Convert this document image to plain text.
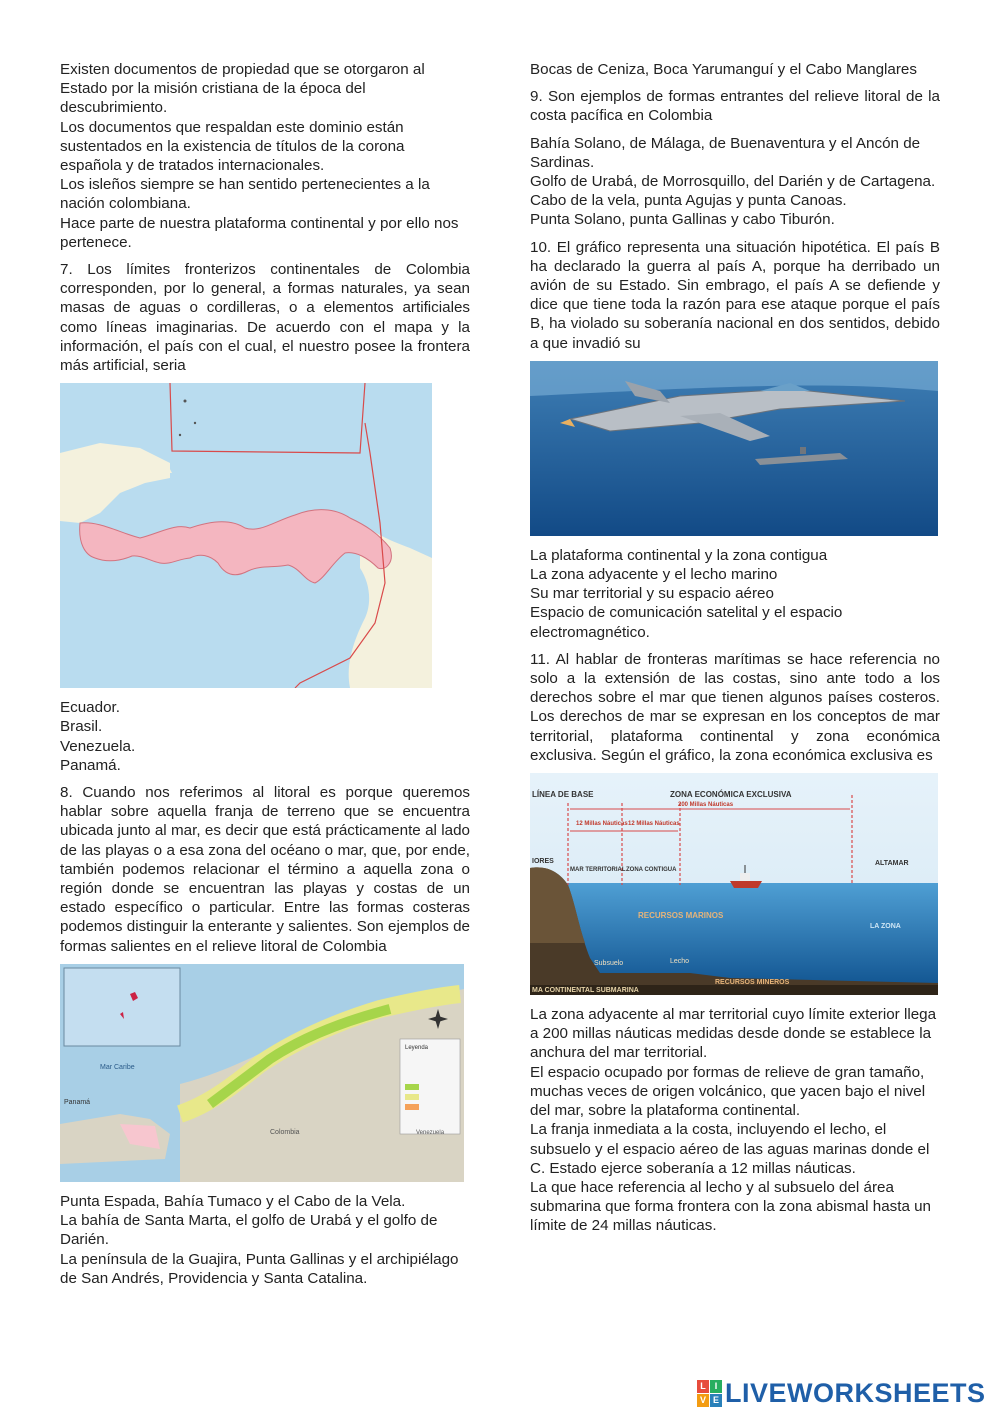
Existen documentos de propiedad que se otorgaron al Estado por la misión cristiana de la época del descubrimiento.
Los documentos que respaldan este dominio están sustentados en la existencia de títulos de la corona española y de tratados internacionales.
Los isleños siempre se han sentido pertenecientes a la nación colombiana.
Hace parte de nuestra plataforma continental y por ello nos pertenece.

7. Los límites fronterizos continentales de Colombia corresponden, por lo general, a formas naturales, ya sean masas de aguas o cordilleras, o a elementos artificiales como líneas imaginarias. De acuerdo con el mapa y la información, el país con el cual, el nuestro posee la frontera más artificial, seria

Ecuador.
Brasil.
Venezuela.
Panamá.

8. Cuando nos referimos al litoral es porque queremos hablar sobre aquella franja de terreno que se encuentra ubicada junto al mar, es decir que está prácticamente al lado de las playas o a esa zona del océano o mar, que, por ende, también podemos relacionar el término a aquella zona o región donde se encuentran las playas y costas de un estado específico o particular. Entre las formas costeras podemos distinguir la enterante y salientes. Son ejemplos de formas salientes en el relieve litoral de Colombia

Mar Caribe
Panamá
Colombia	Venezuela
Leyenda

Punta Espada, Bahía Tumaco y el Cabo de la Vela.
La bahía de Santa Marta, el golfo de Urabá y el golfo de Darién.
La península de la Guajira, Punta Gallinas y el archipiélago de San Andrés, Providencia y Santa Catalina.

Bocas de Ceniza, Boca Yarumanguí y el Cabo Manglares

9. Son ejemplos de formas entrantes del relieve litoral de la costa pacífica en Colombia

Bahía Solano, de Málaga, de Buenaventura y el Ancón de Sardinas.
Golfo de Urabá, de Morrosquillo, del Darién y de Cartagena.
Cabo de la vela, punta Agujas y punta Canoas.
Punta Solano, punta Gallinas y cabo Tiburón.

10. El gráfico representa una situación hipotética. El país B ha declarado la guerra al país A, porque ha derribado un avión de su Estado. Sin embrago, el país A se defiende y dice que tiene toda la razón para ese ataque porque el país B, ha violado su soberanía nacional en dos sentidos, debido a que invadió su

La plataforma continental y la zona contigua
La zona adyacente y el lecho marino
Su mar territorial y su espacio aéreo
Espacio de comunicación satelital y el espacio electromagnético.

11. Al hablar de fronteras marítimas se hace referencia no solo a la extensión de las costas, sino ante todo a los derechos sobre el mar que tienen algunos países costeros. Los derechos de mar se expresan en los conceptos de mar territorial, plataforma continental y zona económica exclusiva. Según el gráfico, la zona económica exclusiva es

LÍNEA DE BASE	ZONA ECONÓMICA EXCLUSIVA
200 Millas Náuticas
12 Millas Náuticas 12 Millas Náuticas
IORES
MAR TERRITORIAL ZONA CONTIGUA
ALTAMAR
RECURSOS MARINOS
LA ZONA
Subsuelo	Lecho
RECURSOS MINEROS
MA CONTINENTAL SUBMARINA

La zona adyacente al mar territorial cuyo límite exterior llega a 200 millas náuticas medidas desde donde se establece la anchura del mar territorial.
El espacio ocupado por formas de relieve de gran tamaño, muchas veces de origen volcánico, que yacen bajo el nivel del mar, sobre la plataforma continental.
La franja inmediata a la costa, incluyendo el lecho, el subsuelo y el espacio aéreo de las aguas marinas donde el C. Estado ejerce soberanía a 12 millas náuticas.
La que hace referencia al lecho y al subsuelo del área submarina que forma frontera con la zona abismal hasta un límite de 24 millas náuticas.

L I
V E LIVEWORKSHEETS
